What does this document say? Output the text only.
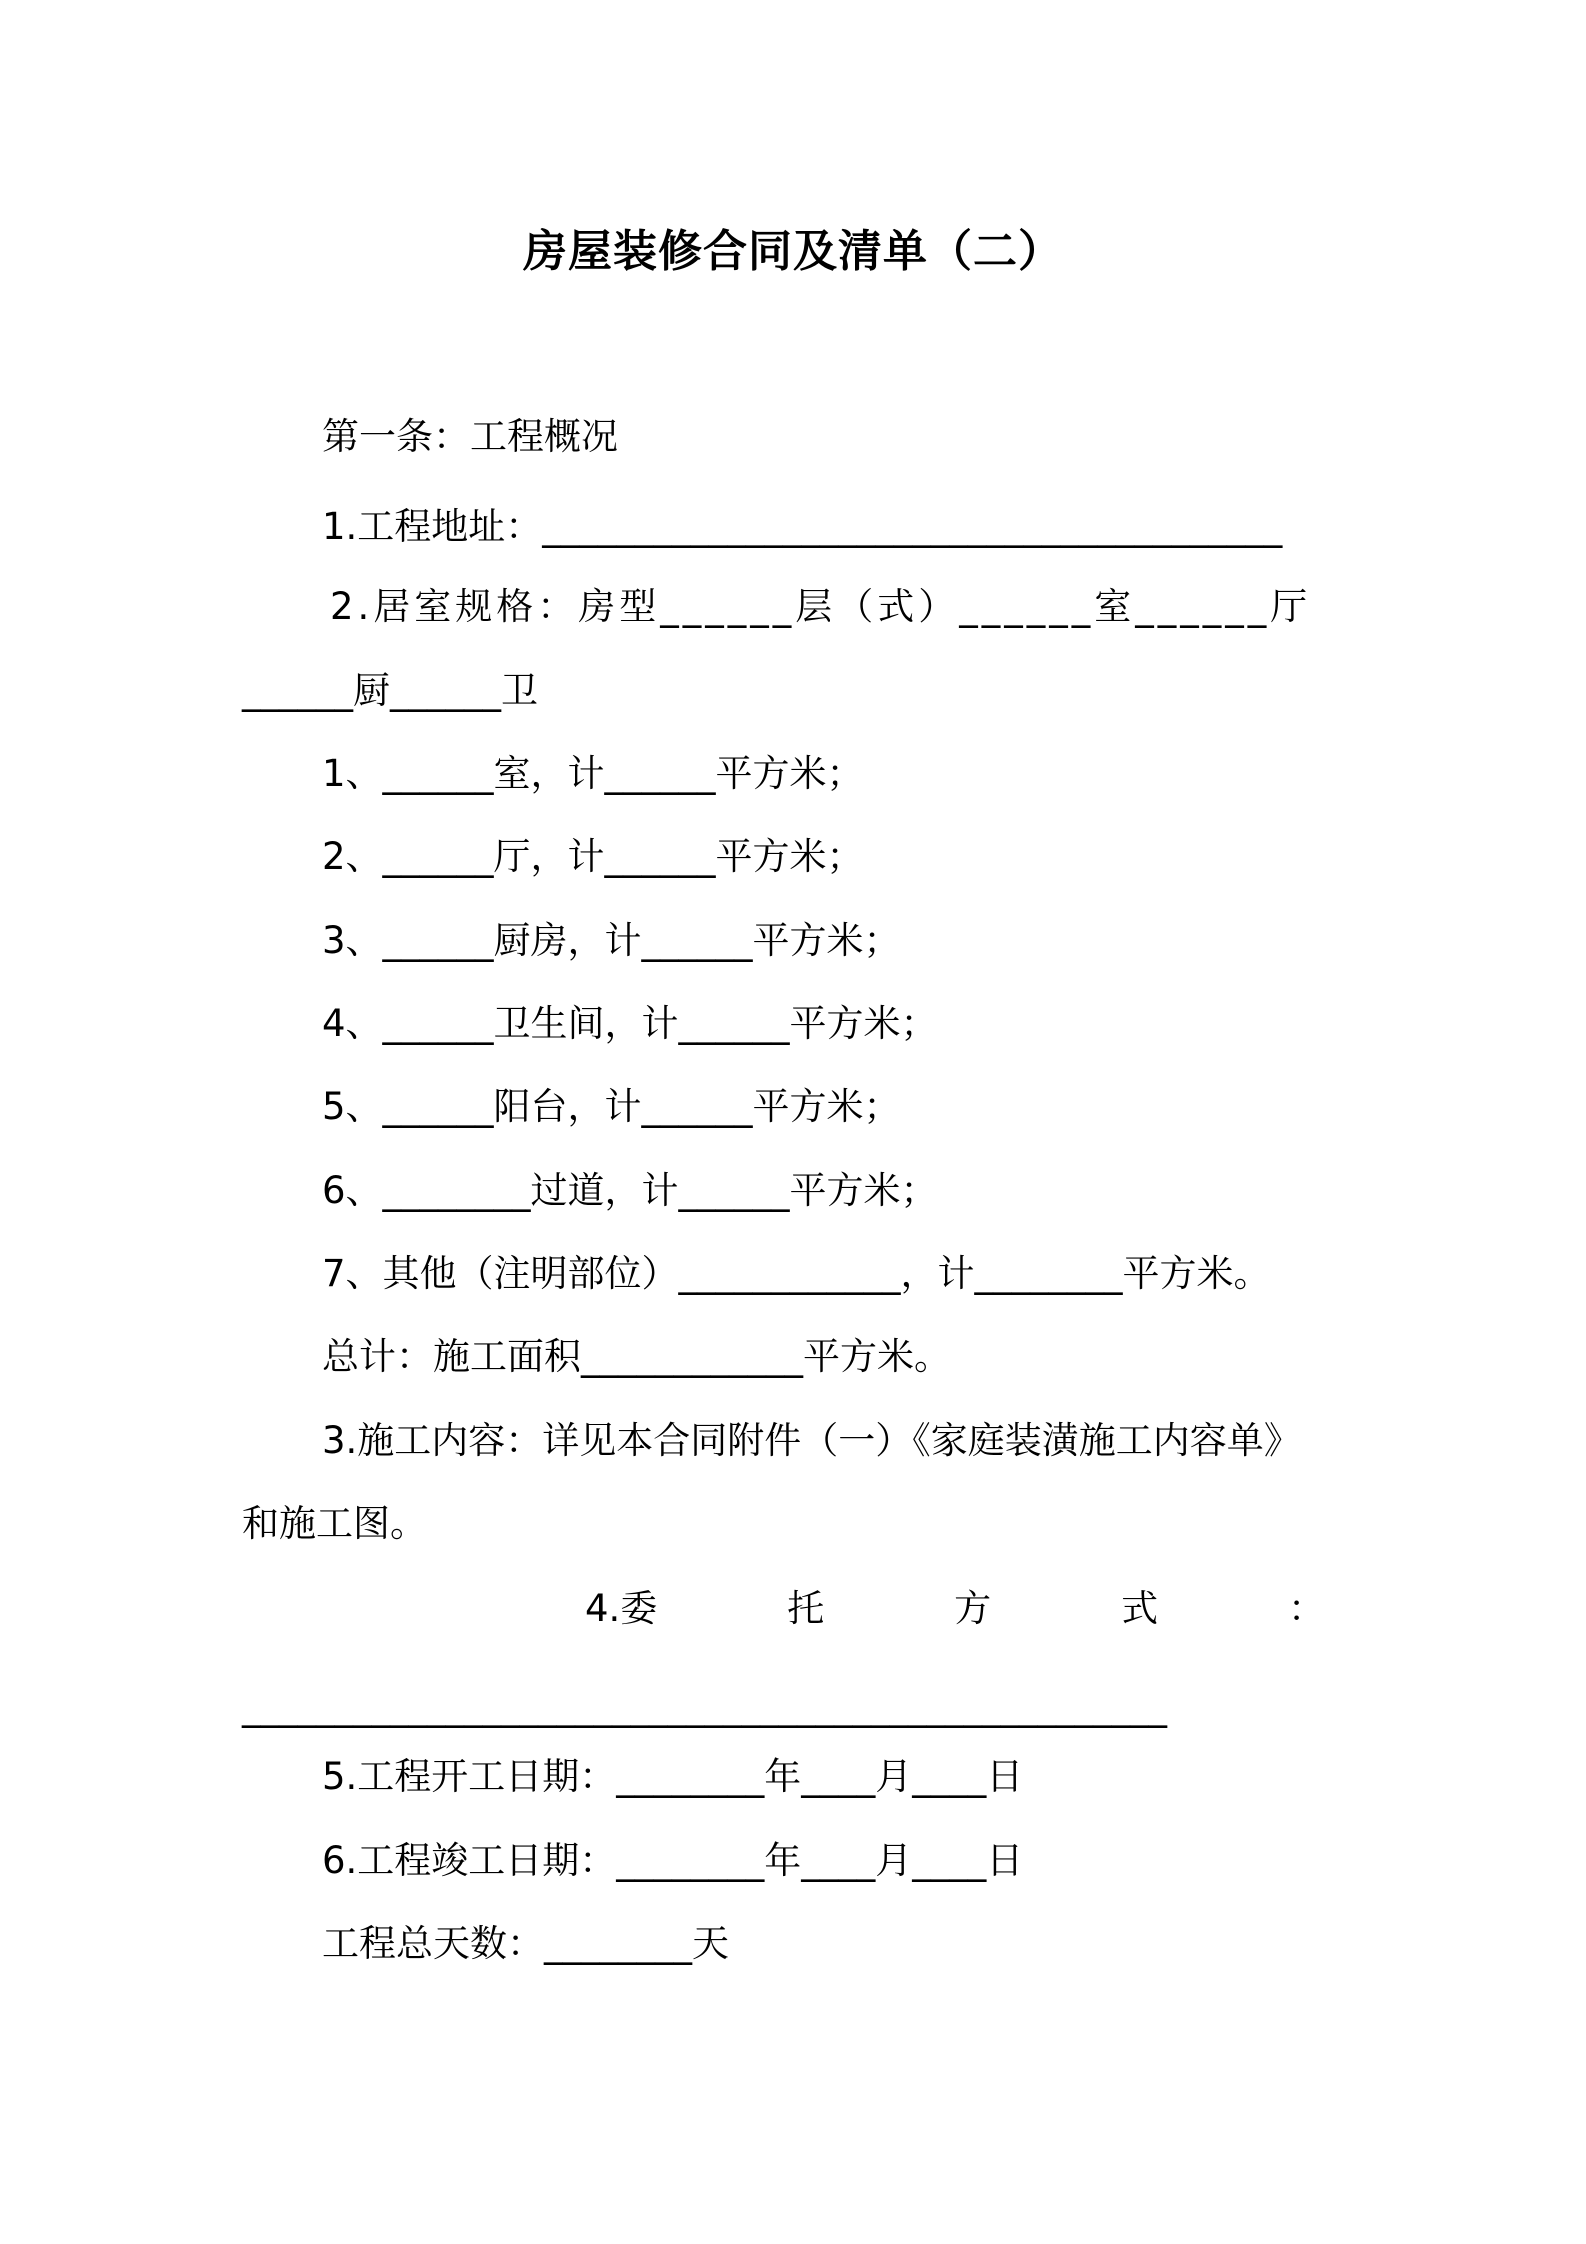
房屋装修合同及清单（二）
第一条：工程概况
1.工程地址：________________________________________
2.居室规格：房型______层（式）______室______厅
______厨______卫
1、______室，计______平方米；
2、______厅，计______平方米；
3、______厨房，计______平方米；
4、______卫生间，计______平方米；
5、______阳台，计______平方米；
6、________过道，计______平方米；
7、其他（注明部位）____________，计________平方米。
总计：施工面积____________平方米。
3.施工内容：详见本合同附件（一）《家庭装潢施工内容单》
和施工图。
4.委	托	方	式	：
__________________________________________________
5.工程开工日期：________年____月____日
6.工程竣工日期：________年____月____日
工程总天数：________天
